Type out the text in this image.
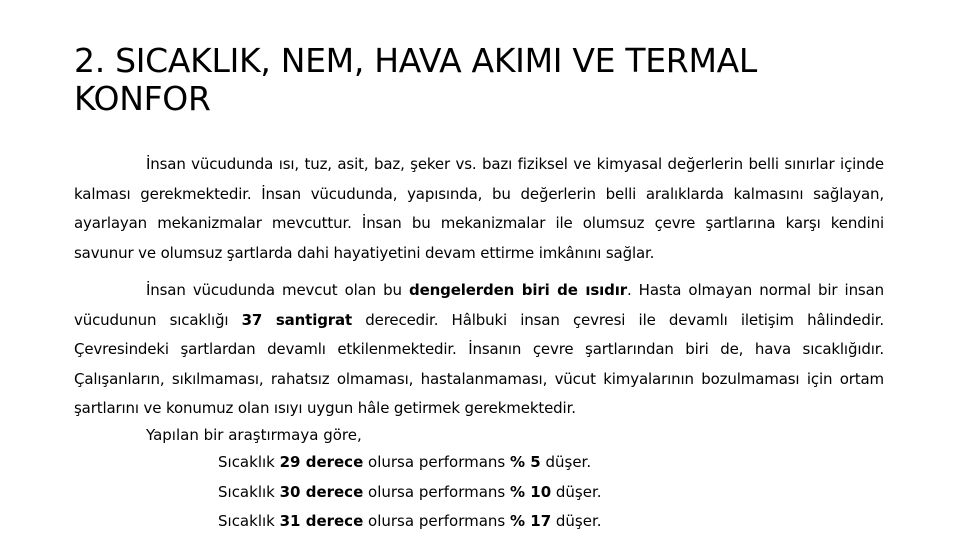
2. SICAKLIK, NEM, HAVA AKIMI VE TERMAL
KONFOR

İnsan vücudunda ısı, tuz, asit, baz, şeker vs. bazı fiziksel ve kimyasal değerlerin belli sınırlar içinde kalması gerekmektedir. İnsan vücudunda, yapısında, bu değerlerin belli aralıklarda kalmasını sağlayan, ayarlayan mekanizmalar mevcuttur. İnsan bu mekanizmalar ile olumsuz çevre şartlarına karşı kendini savunur ve olumsuz şartlarda dahi hayatiyetini devam ettirme imkânını sağlar.

İnsan vücudunda mevcut olan bu dengelerden biri de ısıdır. Hasta olmayan normal bir insan vücudunun sıcaklığı 37 santigrat derecedir. Hâlbuki insan çevresi ile devamlı iletişim hâlindedir. Çevresindeki şartlardan devamlı etkilenmektedir. İnsanın çevre şartlarından biri de, hava sıcaklığıdır. Çalışanların, sıkılmaması, rahatsız olmaması, hastalanmaması, vücut kimyalarının bozulmaması için ortam şartlarını ve konumuz olan ısıyı uygun hâle getirmek gerekmektedir.

Yapılan bir araştırmaya göre,
Sıcaklık 29 derece olursa performans % 5 düşer.
Sıcaklık 30 derece olursa performans % 10 düşer.
Sıcaklık 31 derece olursa performans % 17 düşer.
